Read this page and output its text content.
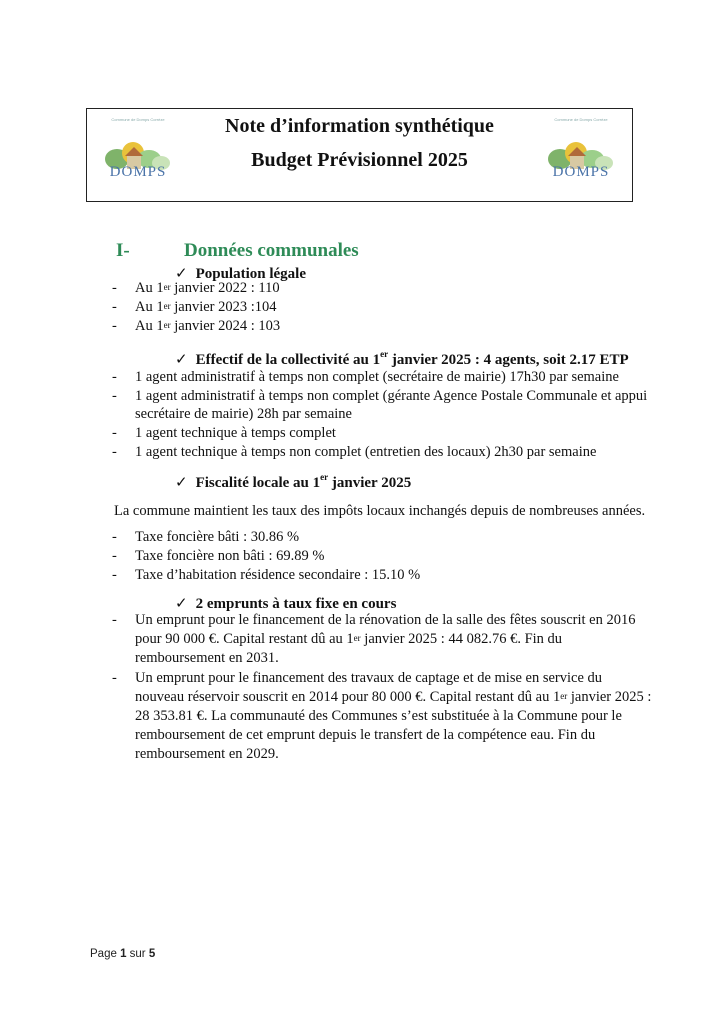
Commune de Domps Corrèze
DOMPS
Note d’information synthétique
Budget Prévisionnel 2025
Commune de Domps Corrèze
DOMPS
I-	Données communales
✓ Population légale
- Au 1er janvier 2022 : 110
- Au 1er janvier 2023 :104
- Au 1er janvier 2024 : 103
✓ Effectif de la collectivité au 1er janvier 2025 : 4 agents, soit 2.17 ETP
- 1 agent administratif à temps non complet (secrétaire de mairie) 17h30 par semaine
- 1 agent administratif à temps non complet (gérante Agence Postale Communale et appui
secrétaire de mairie) 28h par semaine
- 1 agent technique à temps complet
- 1 agent technique à temps non complet (entretien des locaux) 2h30 par semaine
✓ Fiscalité locale au 1er janvier 2025
La commune maintient les taux des impôts locaux inchangés depuis de nombreuses années.
- Taxe foncière bâti : 30.86 %
- Taxe foncière non bâti : 69.89 %
- Taxe d’habitation résidence secondaire : 15.10 %
✓ 2 emprunts à taux fixe en cours
- Un emprunt pour le financement de la rénovation de la salle des fêtes souscrit en 2016
pour 90 000 €. Capital restant dû au 1er janvier 2025 : 44 082.76 €. Fin du
remboursement en 2031.
- Un emprunt pour le financement des travaux de captage et de mise en service du
nouveau réservoir souscrit en 2014 pour 80 000 €. Capital restant dû au 1er janvier 2025 :
28 353.81 €. La communauté des Communes s’est substituée à la Commune pour le
remboursement de cet emprunt depuis le transfert de la compétence eau. Fin du
remboursement en 2029.
Page 1 sur 5
